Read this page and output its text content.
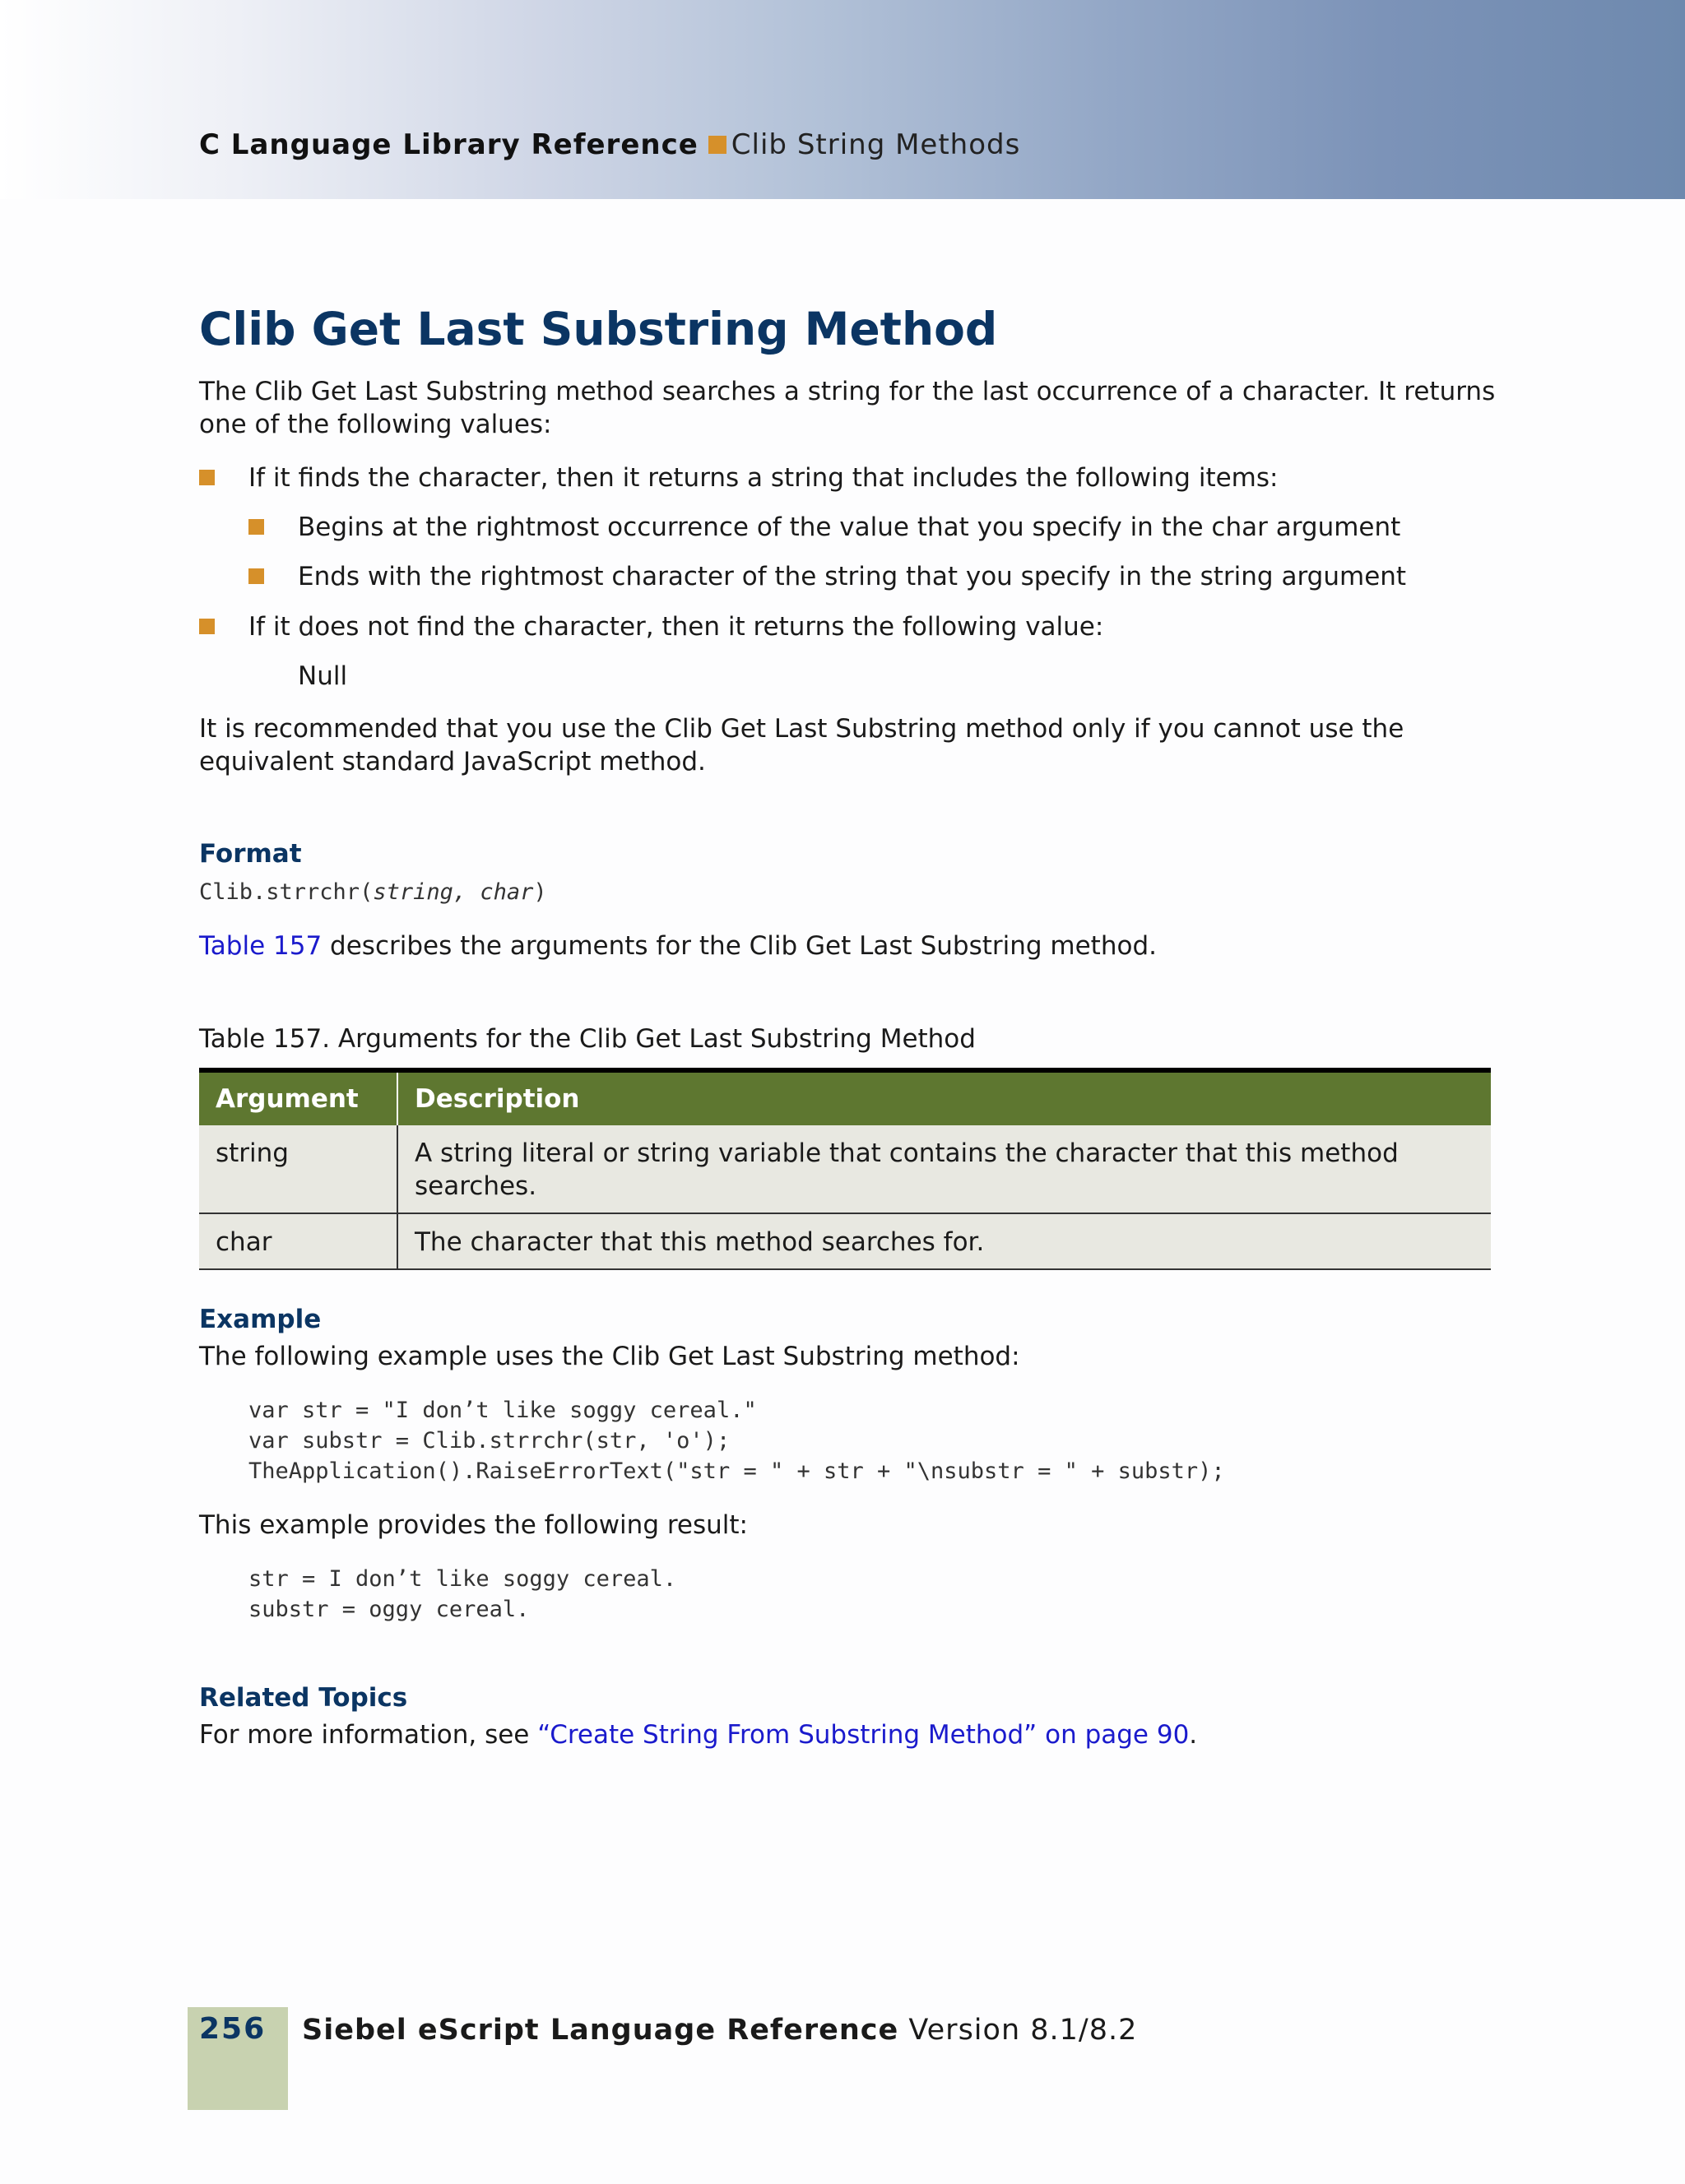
C Language Library Reference Clib String Methods
Clib Get Last Substring Method

The Clib Get Last Substring method searches a string for the last occurrence of a character. It returns one of the following values:

If it finds the character, then it returns a string that includes the following items:
Begins at the rightmost occurrence of the value that you specify in the char argument
Ends with the rightmost character of the string that you specify in the string argument
If it does not find the character, then it returns the following value:
Null

It is recommended that you use the Clib Get Last Substring method only if you cannot use the equivalent standard JavaScript method.

Format
Clib.strrchr(string, char)
Table 157 describes the arguments for the Clib Get Last Substring method.
Table 157. Arguments for the Clib Get Last Substring Method
Argument	Description
string	A string literal or string variable that contains the character that this method searches.
char	The character that this method searches for.
Example
The following example uses the Clib Get Last Substring method:
var str = "I don’t like soggy cereal."
var substr = Clib.strrchr(str, 'o');
TheApplication().RaiseErrorText("str = " + str + "\nsubstr = " + substr);
This example provides the following result:
str = I don’t like soggy cereal.
substr = oggy cereal.
Related Topics
For more information, see “Create String From Substring Method” on page 90.
256 Siebel eScript Language Reference Version 8.1/8.2
